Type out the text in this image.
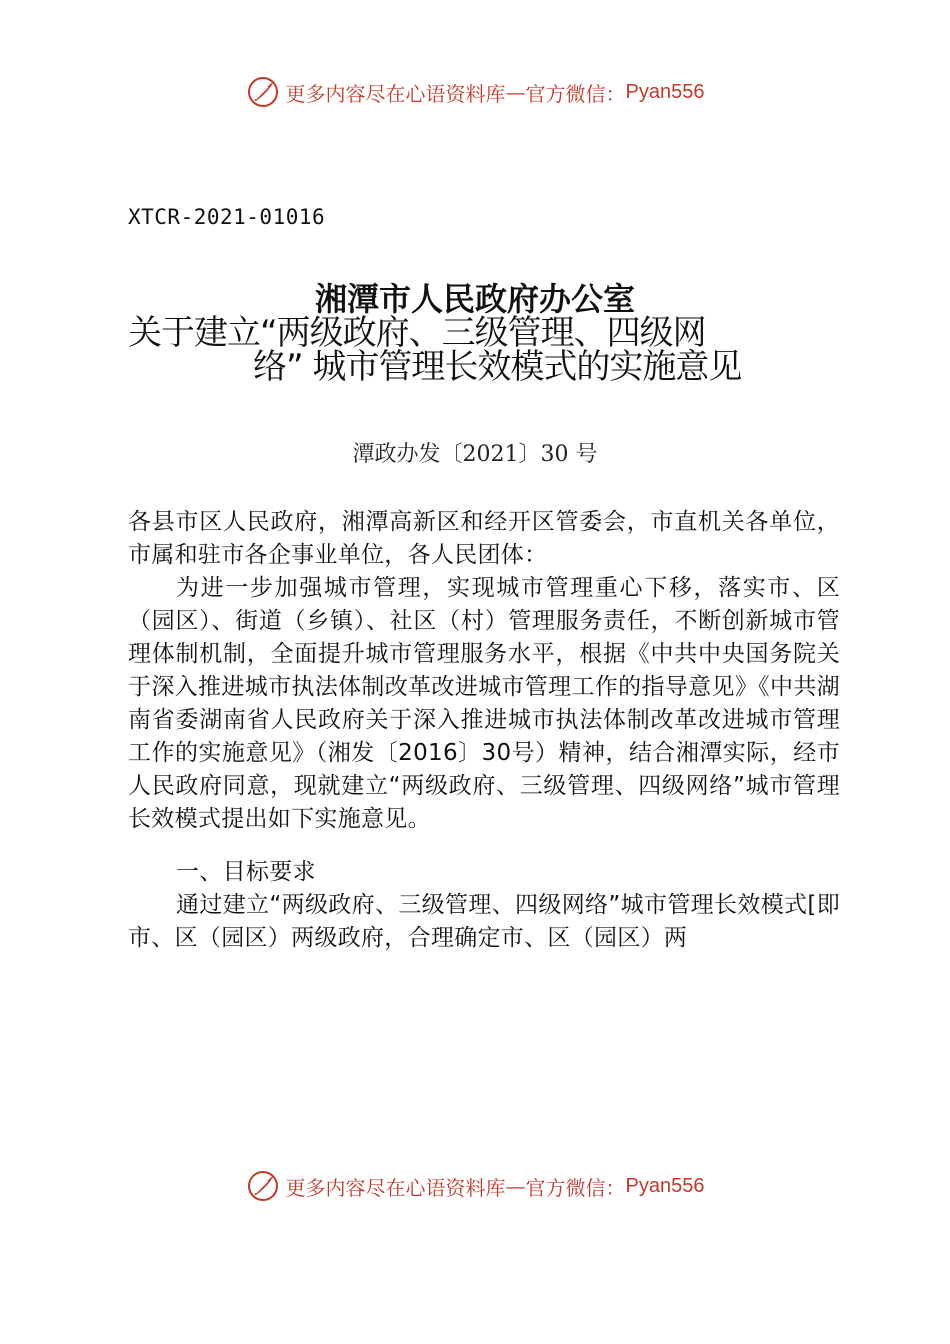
更多内容尽在心语资料库 — 官方微信： Pyan556
XTCR-2021-01016
湘潭市人民政府办公室
关于建立“两级政府、三级管理、四级网
络” 城市管理长效模式的实施意见
潭政办发〔2021〕30 号

各县市区人民政府，湘潭高新区和经开区管委会，市直机关各单位，市属和驻市各企事业单位，各人民团体：

为进一步加强城市管理，实现城市管理重心下移，落实市、区（园区）、街道（乡镇）、社区（村）管理服务责任，不断创新城市管理体制机制，全面提升城市管理服务水平，根据《中共中央国务院关于深入推进城市执法体制改革改进城市管理工作的指导意见》《中共湖南省委湖南省人民政府关于深入推进城市执法体制改革改进城市管理工作的实施意见》（湘发〔2016〕30号）精神，结合湘潭实际，经市人民政府同意，现就建立“两级政府、三级管理、四级网络”城市管理长效模式提出如下实施意见。

一、目标要求

通过建立“两级政府、三级管理、四级网络”城市管理长效模式[即市、区（园区）两级政府，合理确定市、区（园区）两

更多内容尽在心语资料库 — 官方微信： Pyan556
